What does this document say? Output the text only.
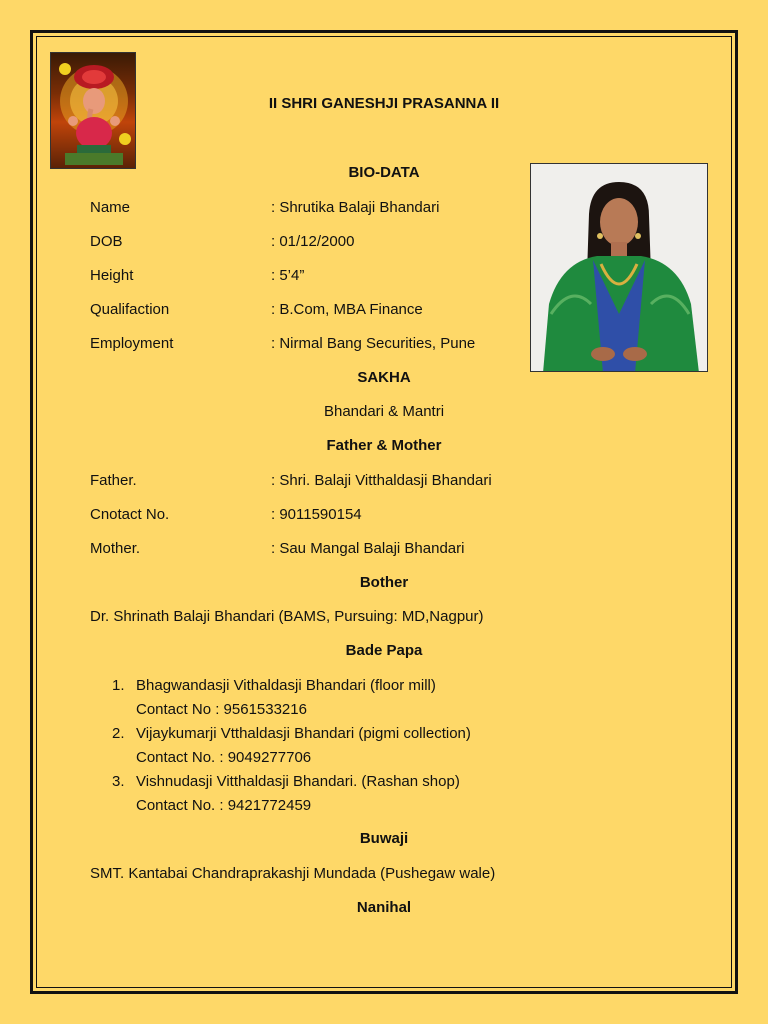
II SHRI GANESHJI PRASANNA II
BIO-DATA
Name	: Shrutika Balaji Bhandari
DOB	: 01/12/2000
Height	: 5’4”
Qualifaction	: B.Com, MBA Finance
Employment	: Nirmal Bang Securities, Pune
SAKHA
Bhandari & Mantri
Father & Mother
Father.	: Shri. Balaji Vitthaldasji Bhandari
Cnotact No.	: 9011590154
Mother.	: Sau Mangal Balaji Bhandari
Bother
Dr. Shrinath Balaji Bhandari (BAMS, Pursuing: MD,Nagpur)
Bade Papa
1. Bhagwandasji Vithaldasji Bhandari (floor mill)
Contact No : 9561533216
2. Vijaykumarji Vtthaldasji Bhandari (pigmi collection)
Contact No. : 9049277706
3. Vishnudasji Vitthaldasji Bhandari. (Rashan shop)
Contact No. : 9421772459
Buwaji
SMT. Kantabai Chandraprakashji Mundada (Pushegaw wale)
Nanihal
